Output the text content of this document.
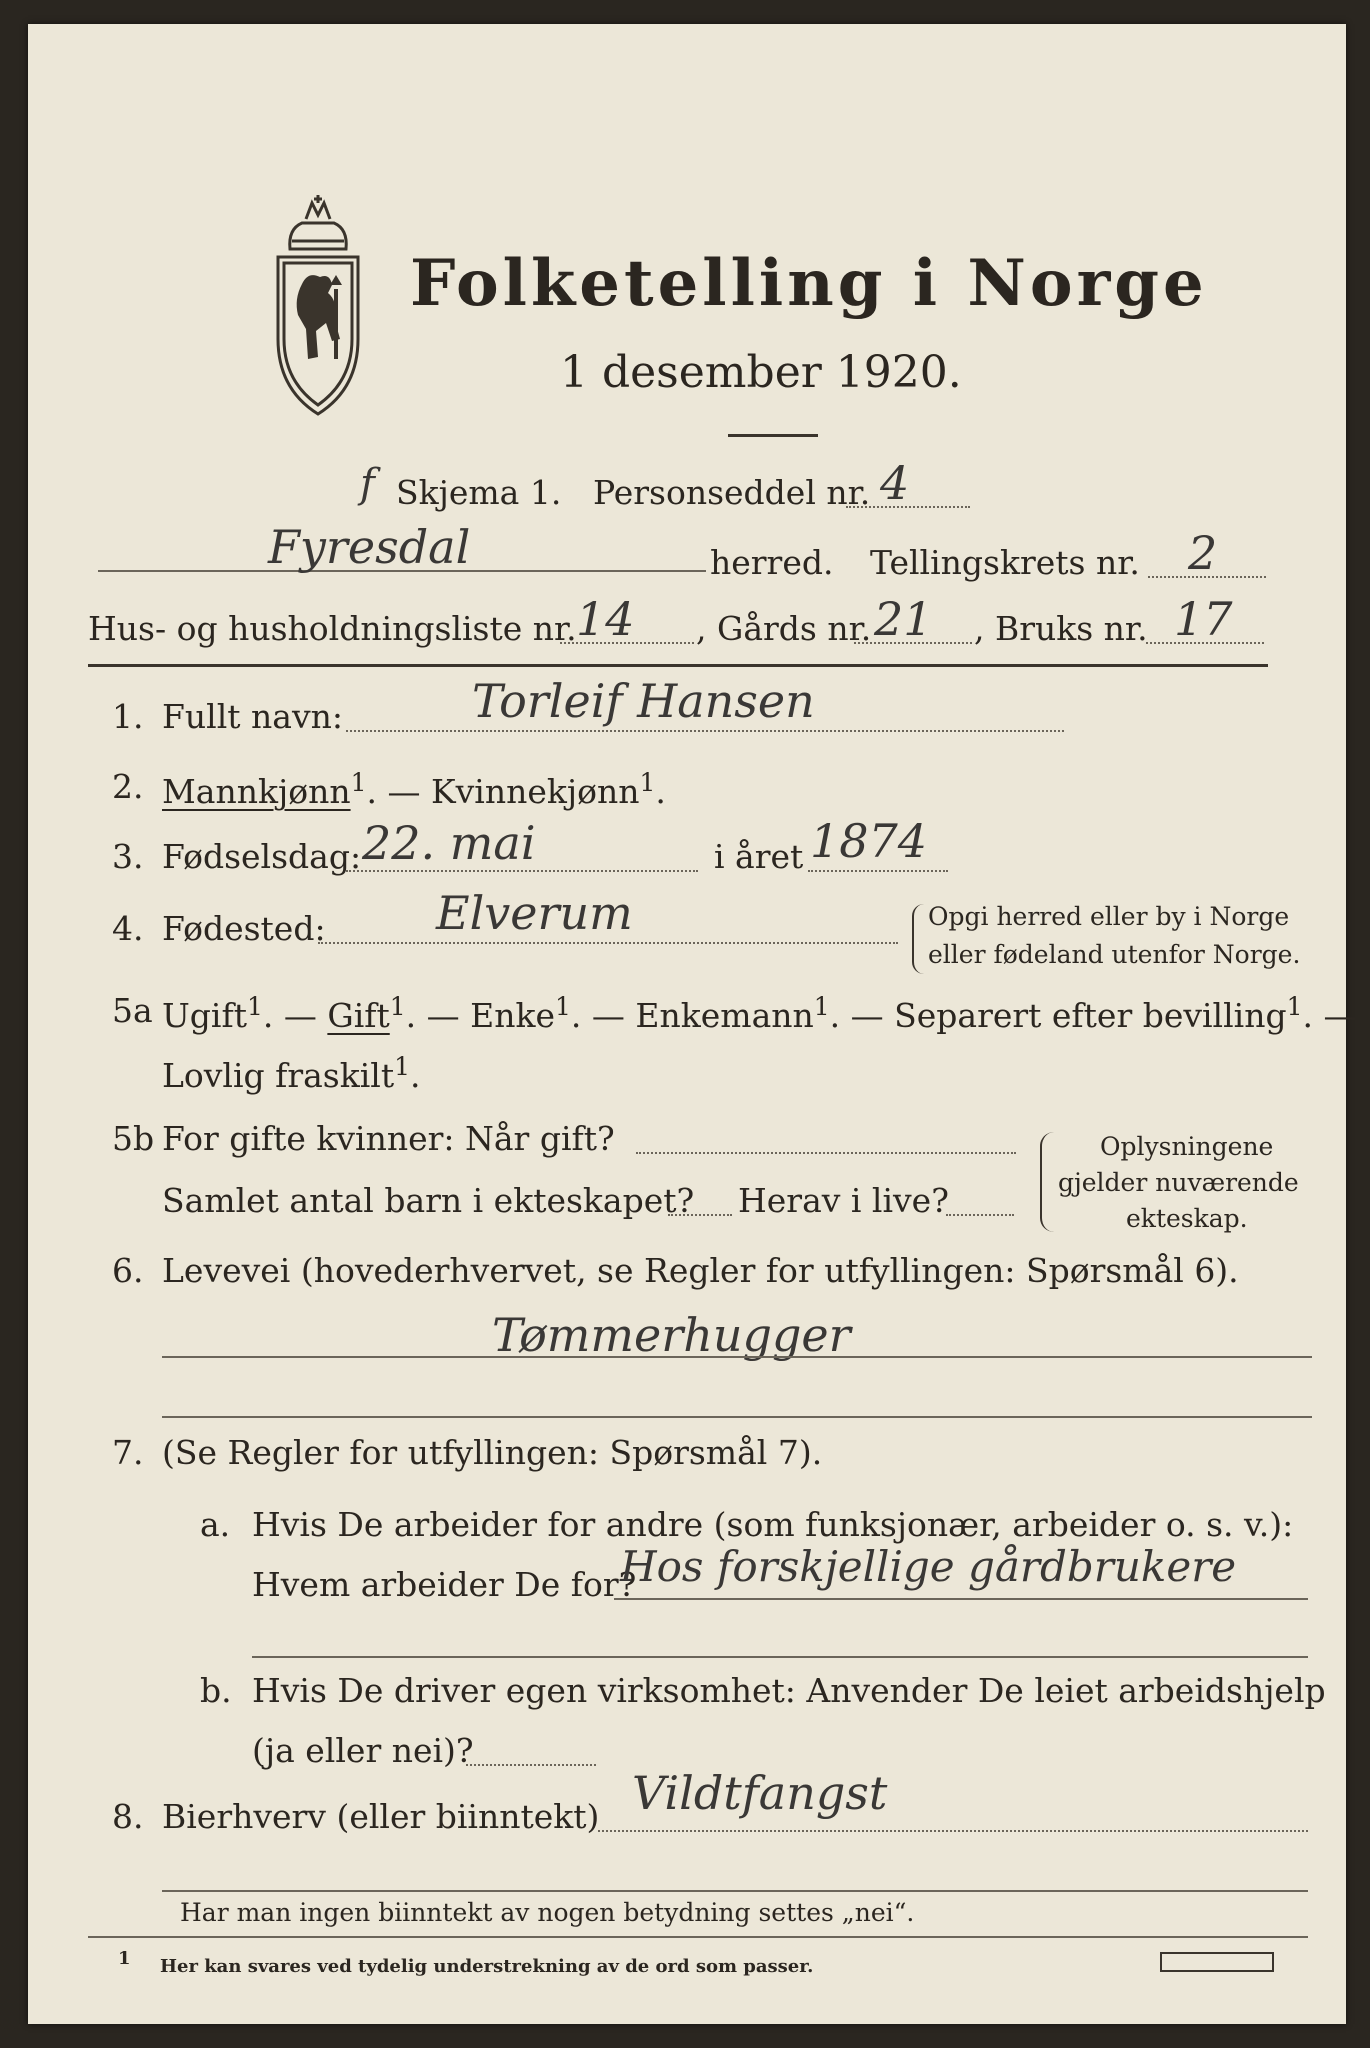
Folketelling i Norge
1 desember 1920.
f Skjema 1. Personseddel nr. 4
Fyresdal	herred. Tellingskrets nr. 2
Hus- og husholdningsliste nr. 14 , Gårds nr. 21 , Bruks nr. 17
1. Fullt navn:	Torleif Hansen
2. Mannkjønn$^1$. — Kvinnekjønn$^1$.
3. Fødselsdag: 22. mai	i året 1874
4. Fødested: Elverum	Opgi herred eller by i Norge
eller fødeland utenfor Norge.
5a Ugift$^1$. — Gift$^1$. — Enke$^1$. — Enkemann$^1$. — Separert efter bevilling$^1$. —
Lovlig fraskilt$^1$.
5b For gifte kvinner: Når gift?
Samlet antal barn i ekteskapet? Herav i live?
Oplysningene
gjelder nuværende
ekteskap.
6. Levevei (hovederhvervet, se Regler for utfyllingen: Spørsmål 6).
Tømmerhugger
7. (Se Regler for utfyllingen: Spørsmål 7).
a. Hvis De arbeider for andre (som funksjonær, arbeider o. s. v.):
Hvem arbeider De for?
Hos forskjellige gårdbrukere
b. Hvis De driver egen virksomhet: Anvender De leiet arbeidshjelp
(ja eller nei)?
8. Bierhverv (eller biinntekt) Vildtfangst
Har man ingen biinntekt av nogen betydning settes „nei“.
1 Her kan svares ved tydelig understrekning av de ord som passer.
